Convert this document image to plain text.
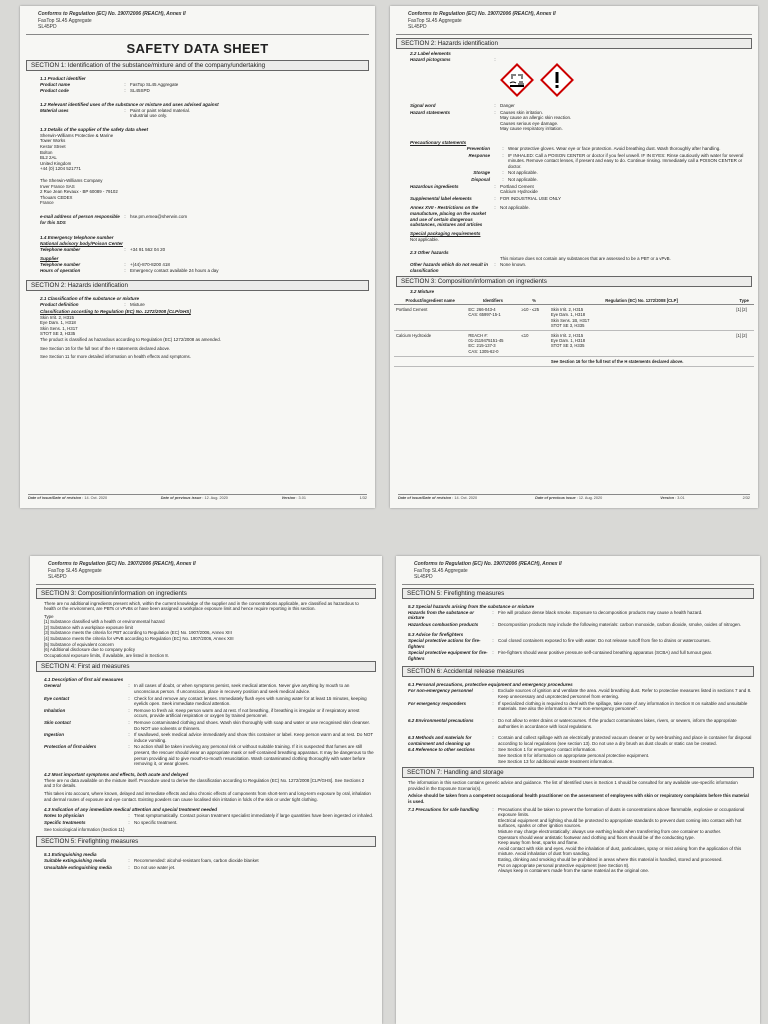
Conforms to Regulation (EC) No. 1907/2006 (REACH), Annex II
FasTop SL45 Aggregate
SL45PD
SAFETY DATA SHEET
SECTION 1: Identification of the substance/mixture and of the company/undertaking
1.1 Product identifier
Product name	: FasTop SL45 Aggregate
Product code	: SL45SPD
1.2 Relevant identified uses of the substance or mixture and uses advised against
Material uses	: Paint or paint related material.
Industrial use only.
1.3 Details of the supplier of the safety data sheet
Sherwin-Williams Protective & Marine
Tower Works
Kestor Street
Bolton
BL2 2AL
United Kingdom
+44 (0) 1204 521771
The Sherwin-Williams Company
Inver France SAS
2 Rue Jean Revaux - BP 60089 - 79102
Thouars CEDEX
France
e-mail address of person responsible for this SDS
: hse.pm.emea@sherwin.com
1.4 Emergency telephone number
National advisory body/Poison Center
Telephone number	: +34 91 562 04 20
Supplier
Telephone number	: +(44)-870-8200 418
Hours of operation	: Emergency contact available 24 hours a day
SECTION 2: Hazards identification
2.1 Classification of the substance or mixture
Product definition	: Mixture
Classification according to Regulation (EC) No. 1272/2008 [CLP/GHS]
Skin Irrit. 2, H315
Eye Dam. 1, H318
Skin Sens. 1, H317
STOT SE 3, H335
The product is classified as hazardous according to Regulation (EC) 1272/2008 as amended.
See Section 16 for the full text of the H statements declared above.
See Section 11 for more detailed information on health effects and symptoms.
Date of issue/Date of revision : 14. Oct. 2020	Date of previous issue : 12. Aug. 2020	Version : 3.01	1/32
Conforms to Regulation (EC) No. 1907/2006 (REACH), Annex II
FasTop SL45 Aggregate
SL45PD
SECTION 2: Hazards identification
2.2 Label elements
Hazard pictograms	:
Signal word	: Danger
Hazard statements	: Causes skin irritation.
May cause an allergic skin reaction.
Causes serious eye damage.
May cause respiratory irritation.
Precautionary statements
Prevention	: Wear protective gloves. Wear eye or face protection. Avoid breathing dust. Wash thoroughly after handling.
Response	: IF INHALED: Call a POISON CENTER or doctor if you feel unwell. IF IN EYES: Rinse cautiously with water for several minutes. Remove contact lenses, if present and easy to do. Continue rinsing. Immediately call a POISON CENTER or doctor.
Storage	: Not applicable.
Disposal	: Not applicable.
Hazardous ingredients	: Portland Cement
Calcium Hydroxide
Supplemental label elements	: FOR INDUSTRIAL USE ONLY
Annex XVII - Restrictions on the manufacture, placing on the market and use of certain dangerous substances, mixtures and articles
: Not applicable.
Special packaging requirements
Not applicable.
2.3 Other hazards
This mixture does not contain any substances that are assessed to be a PBT or a vPvB.
Other hazards which do not result in classification
: None known.
SECTION 3: Composition/information on ingredients
3.2 Mixture
Product/ingredient name	Identifiers	%	Regulation (EC) No. 1272/2008 [CLP]	Type
Portland Cement	EC: 266-043-4
CAS: 65997-15-1	≥10 - ≤25	Skin Irrit. 2, H315
Eye Dam. 1, H318
Skin Sens. 1B, H317
STOT SE 3, H335	[1] [2]
Calcium Hydroxide	REACH #:
01-2119475151-45
EC: 215-137-3
CAS: 1305-62-0	≤10	Skin Irrit. 2, H315
Eye Dam. 1, H318
STOT SE 3, H335	[1] [2]
			See Section 16 for the full text of the H statements declared above.	
Date of issue/Date of revision : 14. Oct. 2020	Date of previous issue : 12. Aug. 2020	Version : 3.01	2/32
Conforms to Regulation (EC) No. 1907/2006 (REACH), Annex II
FasTop SL45 Aggregate
SL45PD
SECTION 3: Composition/information on ingredients
There are no additional ingredients present which, within the current knowledge of the supplier and in the concentrations applicable, are classified as hazardous to health or the environment, are PBTs or vPvBs or have been assigned a workplace exposure limit and hence require reporting in this section.
Type
[1] Substance classified with a health or environmental hazard
[2] Substance with a workplace exposure limit
[3] Substance meets the criteria for PBT according to Regulation (EC) No. 1907/2006, Annex XIII
[4] Substance meets the criteria for vPvB according to Regulation (EC) No. 1907/2006, Annex XIII
[5] Substance of equivalent concern
[6] Additional disclosure due to company policy
Occupational exposure limits, if available, are listed in Section 8.
SECTION 4: First aid measures
4.1 Description of first aid measures
General	: In all cases of doubt, or when symptoms persist, seek medical attention. Never give anything by mouth to an unconscious person. If unconscious, place in recovery position and seek medical advice.
Eye contact	: Check for and remove any contact lenses. Immediately flush eyes with running water for at least 15 minutes, keeping eyelids open. Seek immediate medical attention.
Inhalation	: Remove to fresh air. Keep person warm and at rest. If not breathing, if breathing is irregular or if respiratory arrest occurs, provide artificial respiration or oxygen by trained personnel.
Skin contact	: Remove contaminated clothing and shoes. Wash skin thoroughly with soap and water or use recognised skin cleanser. Do NOT use solvents or thinners.
Ingestion	: If swallowed, seek medical advice immediately and show this container or label. Keep person warm and at rest. Do NOT induce vomiting.
Protection of first-aiders	: No action shall be taken involving any personal risk or without suitable training. If it is suspected that fumes are still present, the rescuer should wear an appropriate mask or self-contained breathing apparatus. It may be dangerous to the person providing aid to give mouth-to-mouth resuscitation. Wash contaminated clothing thoroughly with water before removing it, or wear gloves.
4.2 Most important symptoms and effects, both acute and delayed
There are no data available on the mixture itself. Procedure used to derive the classification according to Regulation (EC) No. 1272/2008 [CLP/GHS]. See Sections 2 and 3 for details.
This takes into account, where known, delayed and immediate effects and also chronic effects of components from short-term and long-term exposure by oral, inhalation and dermal routes of exposure and eye contact. Existing powders can cause localised skin irritation in folds of the skin or under tight clothing.
4.3 Indication of any immediate medical attention and special treatment needed
Notes to physician	: Treat symptomatically. Contact poison treatment specialist immediately if large quantities have been ingested or inhaled.
Specific treatments	: No specific treatment.
See toxicological information (Section 11)
SECTION 5: Firefighting measures
5.1 Extinguishing media
Suitable extinguishing media	: Recommended: alcohol-resistant foam, carbon dioxide blanket
Unsuitable extinguishing media	: Do not use water jet.
Conforms to Regulation (EC) No. 1907/2006 (REACH), Annex II
FasTop SL45 Aggregate
SL45PD
SECTION 5: Firefighting measures
5.2 Special hazards arising from the substance or mixture
Hazards from the substance or mixture
: Fire will produce dense black smoke. Exposure to decomposition products may cause a health hazard.
Hazardous combustion products	: Decomposition products may include the following materials: carbon monoxide, carbon dioxide, smoke, oxides of nitrogen.
5.3 Advice for firefighters
Special protective actions for fire-fighters
: Cool closed containers exposed to fire with water. Do not release runoff from fire to drains or watercourses.
Special protective equipment for fire-fighters
: Fire-fighters should wear positive pressure self-contained breathing apparatus (SCBA) and full turnout gear.
SECTION 6: Accidental release measures
6.1 Personal precautions, protective equipment and emergency procedures
For non-emergency personnel	: Exclude sources of ignition and ventilate the area. Avoid breathing dust. Refer to protective measures listed in sections 7 and 8.
Keep unnecessary and unprotected personnel from entering.
For emergency responders	: If specialized clothing is required to deal with the spillage, take note of any information in Section 8 on suitable and unsuitable materials. See also the information in "For non-emergency personnel".
6.2 Environmental precautions	: Do not allow to enter drains or watercourses. If the product contaminates lakes, rivers, or sewers, inform the appropriate authorities in accordance with local regulations.
6.3 Methods and materials for containment and cleaning up
: Contain and collect spillage with an electrically protected vacuum cleaner or by wet-brushing and place in container for disposal according to local regulations (see section 13). Do not use a dry brush as dust clouds or static can be created.
6.4 Reference to other sections	: See Section 1 for emergency contact information.
See Section 8 for information on appropriate personal protective equipment.
See Section 13 for additional waste treatment information.
SECTION 7: Handling and storage
The information in this section contains generic advice and guidance. The list of Identified Uses in Section 1 should be consulted for any available use-specific information provided in the Exposure Scenario(s).
Advice should be taken from a competent occupational health practitioner on the assessment of employees with skin or respiratory complaints before this material is used.
7.1 Precautions for safe handling	: Precautions should be taken to prevent the formation of dusts in concentrations above flammable, explosive or occupational exposure limits.
Electrical equipment and lighting should be protected to appropriate standards to prevent dust coming into contact with hot surfaces, sparks or other ignition sources.
Mixture may charge electrostatically: always use earthing leads when transferring from one container to another.
Operators should wear antistatic footwear and clothing and floors should be of the conducting type.
Keep away from heat, sparks and flame.
Avoid contact with skin and eyes. Avoid the inhalation of dust, particulates, spray or mist arising from the application of this mixture. Avoid inhalation of dust from sanding.
Eating, drinking and smoking should be prohibited in areas where this material is handled, stored and processed.
Put on appropriate personal protective equipment (see Section 8).
Always keep in containers made from the same material as the original one.
